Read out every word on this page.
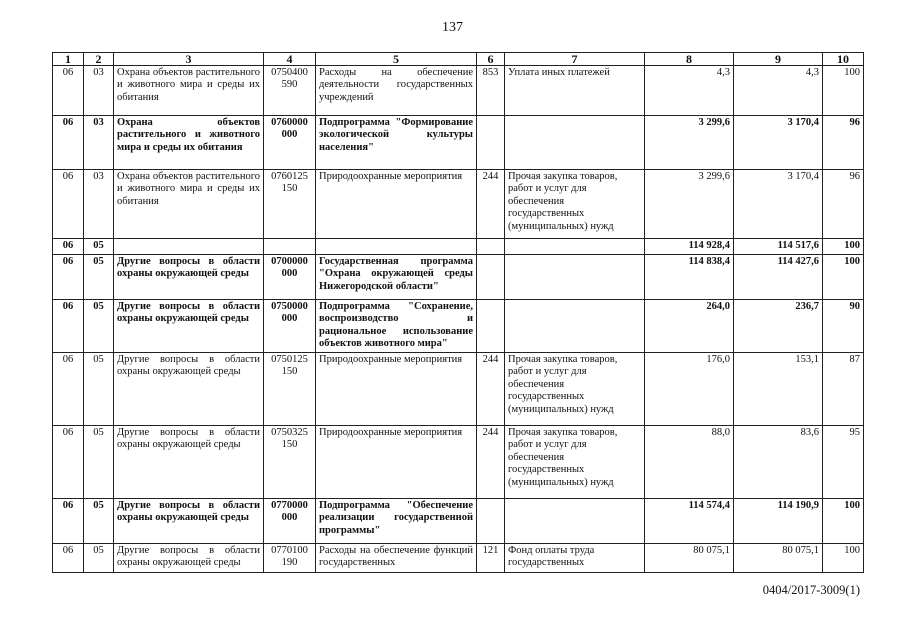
137
1	2	3	4	5	6	7	8	9	10
06	03	Охрана объектов растительного и животного мира и среды их обитания	0750400 590	Расходы на обеспечение деятельности государственных учреждений	853	Уплата иных платежей	4,3	4,3	100
06	03	Охрана объектов растительного и животного мира и среды их обитания	0760000 000	Подпрограмма "Формирование экологической культуры населения"			3 299,6	3 170,4	96
06	03	Охрана объектов растительного и животного мира и среды их обитания	0760125 150	Природоохранные мероприятия	244	Прочая закупка товаров, работ и услуг для обеспечения государственных (муниципальных) нужд	3 299,6	3 170,4	96
06	05						114 928,4	114 517,6	100
06	05	Другие вопросы в области охраны окружающей среды	0700000 000	Государственная программа "Охрана окружающей среды Нижегородской области"			114 838,4	114 427,6	100
06	05	Другие вопросы в области охраны окружающей среды	0750000 000	Подпрограмма "Сохранение, воспроизводство и рациональное использование объектов животного мира"			264,0	236,7	90
06	05	Другие вопросы в области охраны окружающей среды	0750125 150	Природоохранные мероприятия	244	Прочая закупка товаров, работ и услуг для обеспечения государственных (муниципальных) нужд	176,0	153,1	87
06	05	Другие вопросы в области охраны окружающей среды	0750325 150	Природоохранные мероприятия	244	Прочая закупка товаров, работ и услуг для обеспечения государственных (муниципальных) нужд	88,0	83,6	95
06	05	Другие вопросы в области охраны окружающей среды	0770000 000	Подпрограмма "Обеспечение реализации государственной программы"			114 574,4	114 190,9	100
06	05	Другие вопросы в области охраны окружающей среды	0770100 190	Расходы на обеспечение функций государственных	121	Фонд оплаты труда государственных	80 075,1	80 075,1	100
0404/2017-3009(1)
